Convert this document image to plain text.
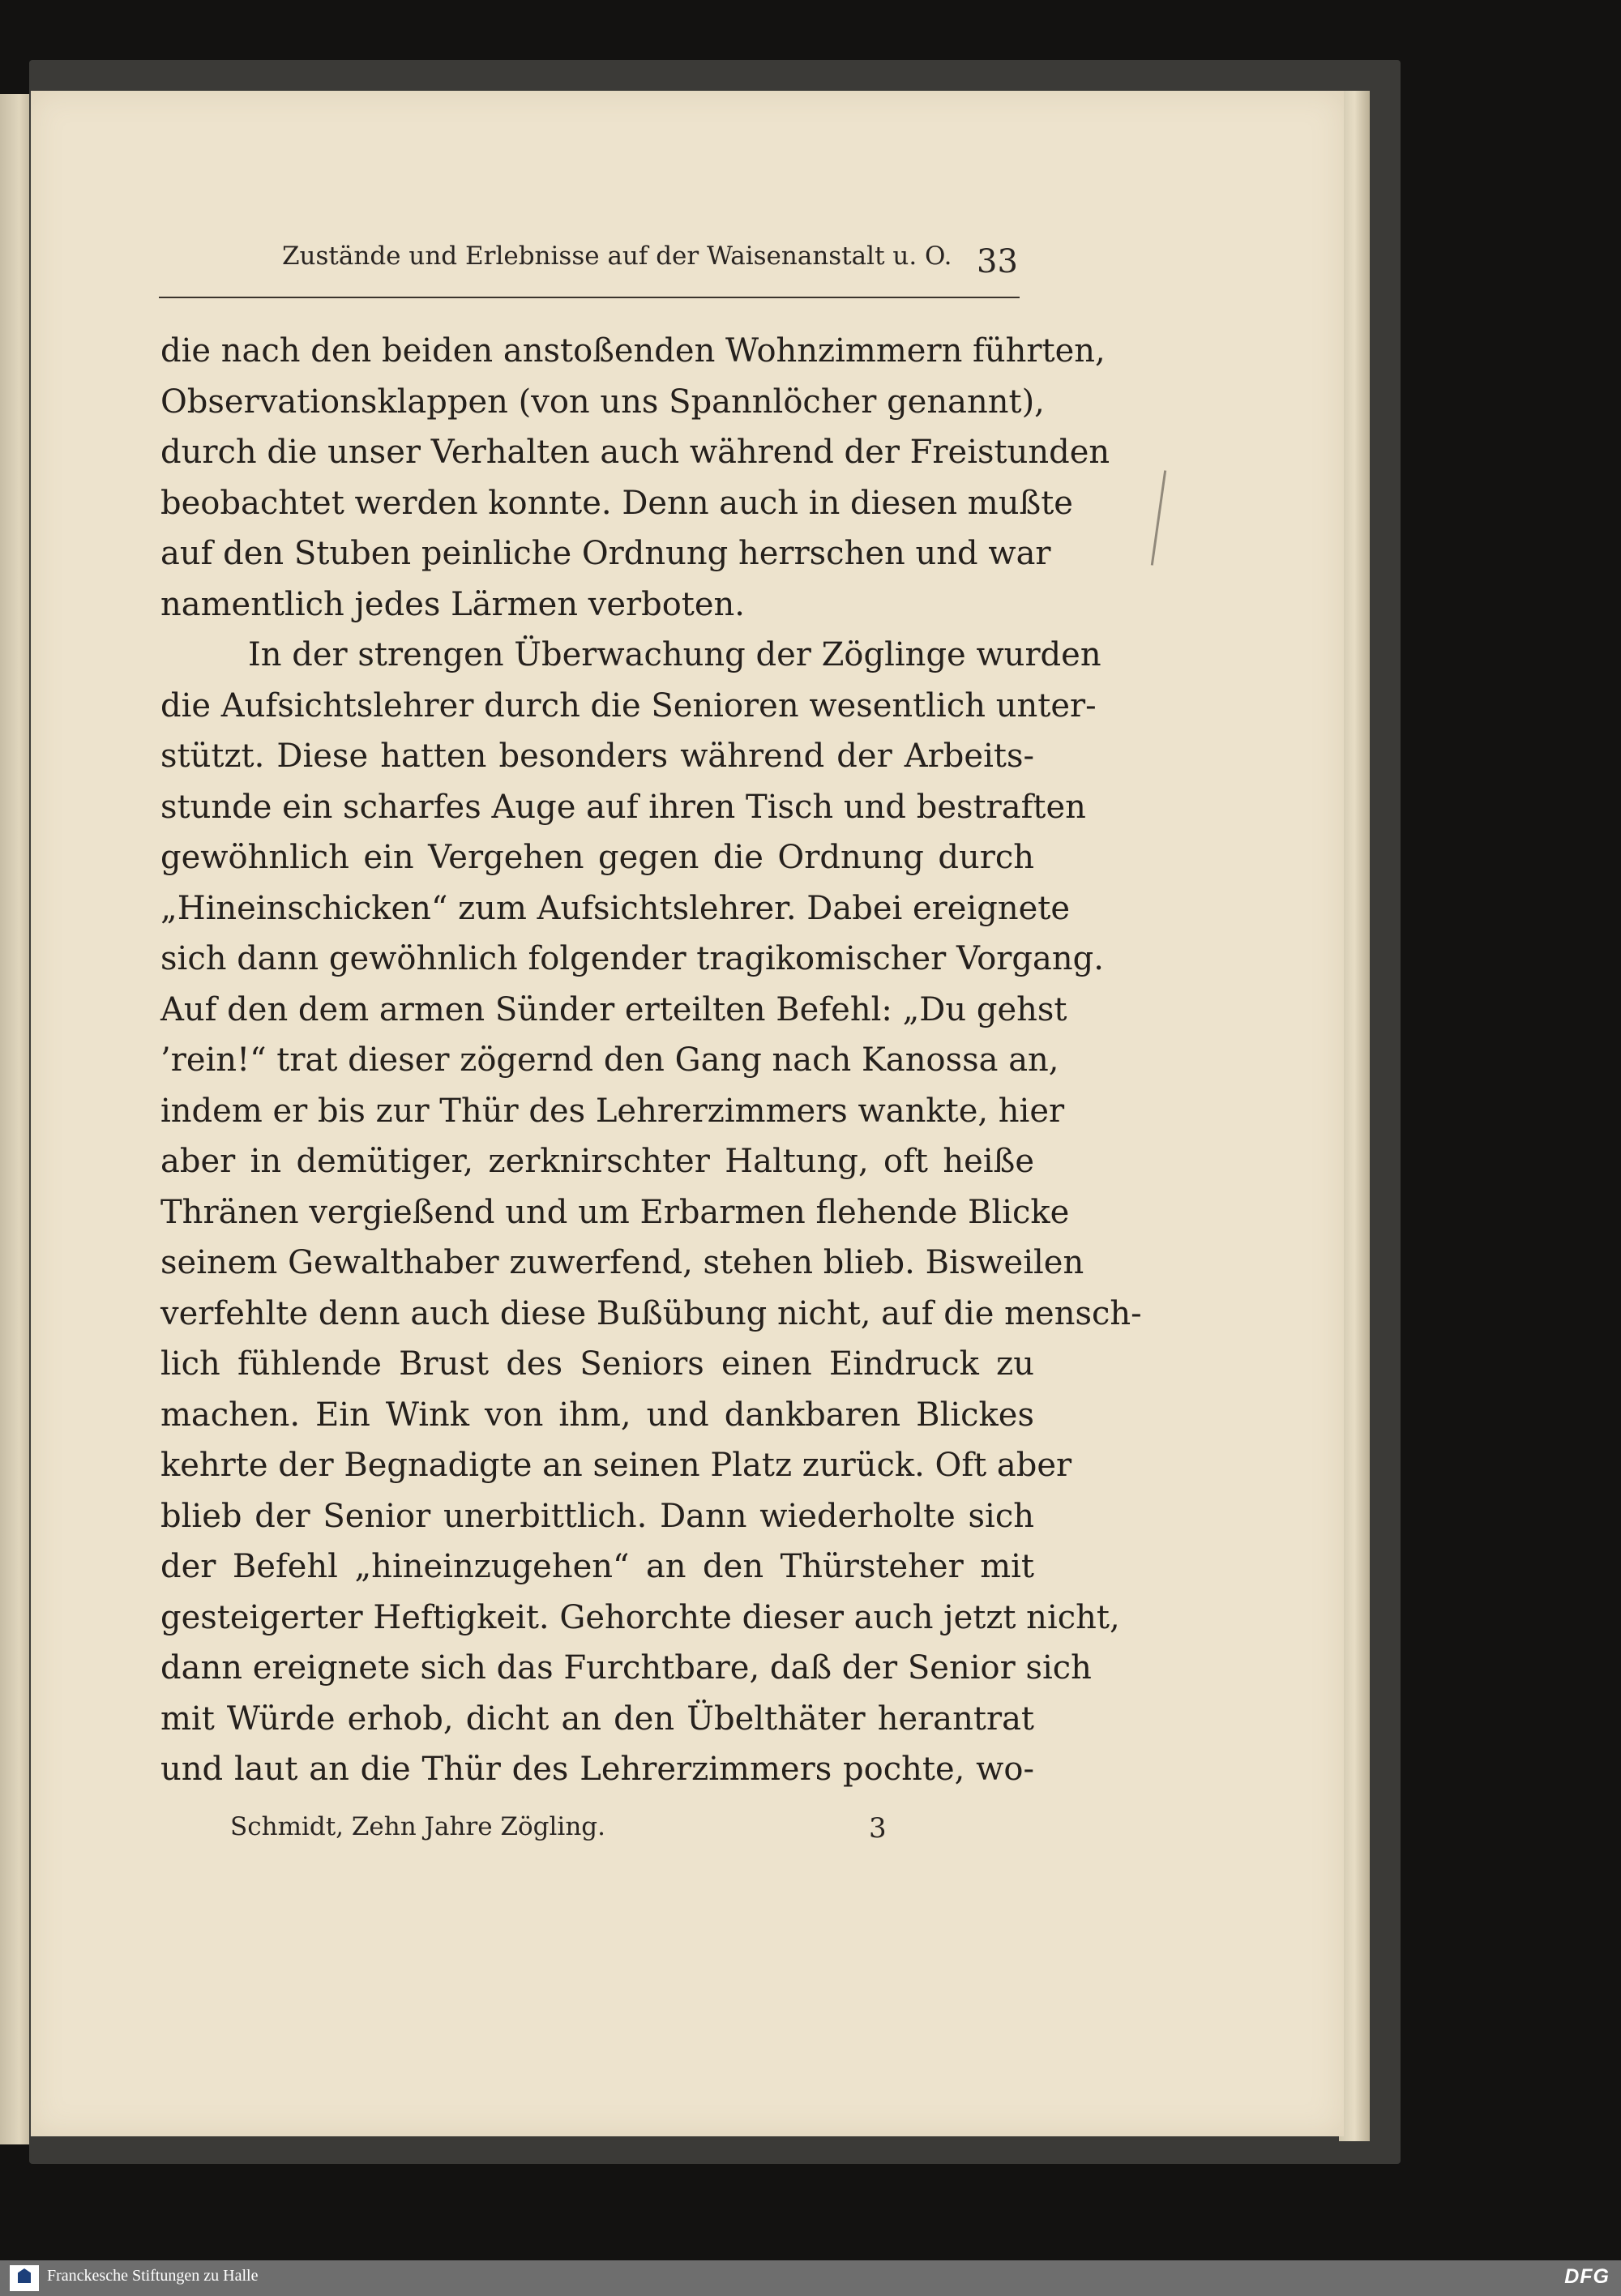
Zustände und Erlebnisse auf der Waisenanstalt u. O. 33
die nach den beiden anstoßenden Wohnzimmern führten,
Observationsklappen (von uns Spannlöcher genannt),
durch die unser Verhalten auch während der Freistunden
beobachtet werden konnte. Denn auch in diesen mußte
auf den Stuben peinliche Ordnung herrschen und war
namentlich jedes Lärmen verboten.
In der strengen Überwachung der Zöglinge wurden
die Aufsichtslehrer durch die Senioren wesentlich unter-
stützt. Diese hatten besonders während der Arbeits-
stunde ein scharfes Auge auf ihren Tisch und bestraften
gewöhnlich ein Vergehen gegen die Ordnung durch
„Hineinschicken“ zum Aufsichtslehrer. Dabei ereignete
sich dann gewöhnlich folgender tragikomischer Vorgang.
Auf den dem armen Sünder erteilten Befehl: „Du gehst
’rein!“ trat dieser zögernd den Gang nach Kanossa an,
indem er bis zur Thür des Lehrerzimmers wankte, hier
aber in demütiger, zerknirschter Haltung, oft heiße
Thränen vergießend und um Erbarmen flehende Blicke
seinem Gewalthaber zuwerfend, stehen blieb. Bisweilen
verfehlte denn auch diese Bußübung nicht, auf die mensch-
lich fühlende Brust des Seniors einen Eindruck zu
machen. Ein Wink von ihm, und dankbaren Blickes
kehrte der Begnadigte an seinen Platz zurück. Oft aber
blieb der Senior unerbittlich. Dann wiederholte sich
der Befehl „hineinzugehen“ an den Thürsteher mit
gesteigerter Heftigkeit. Gehorchte dieser auch jetzt nicht,
dann ereignete sich das Furchtbare, daß der Senior sich
mit Würde erhob, dicht an den Übelthäter herantrat
und laut an die Thür des Lehrerzimmers pochte, wo-
Schmidt, Zehn Jahre Zögling.	3
Franckesche Stiftungen zu Halle	DFG
